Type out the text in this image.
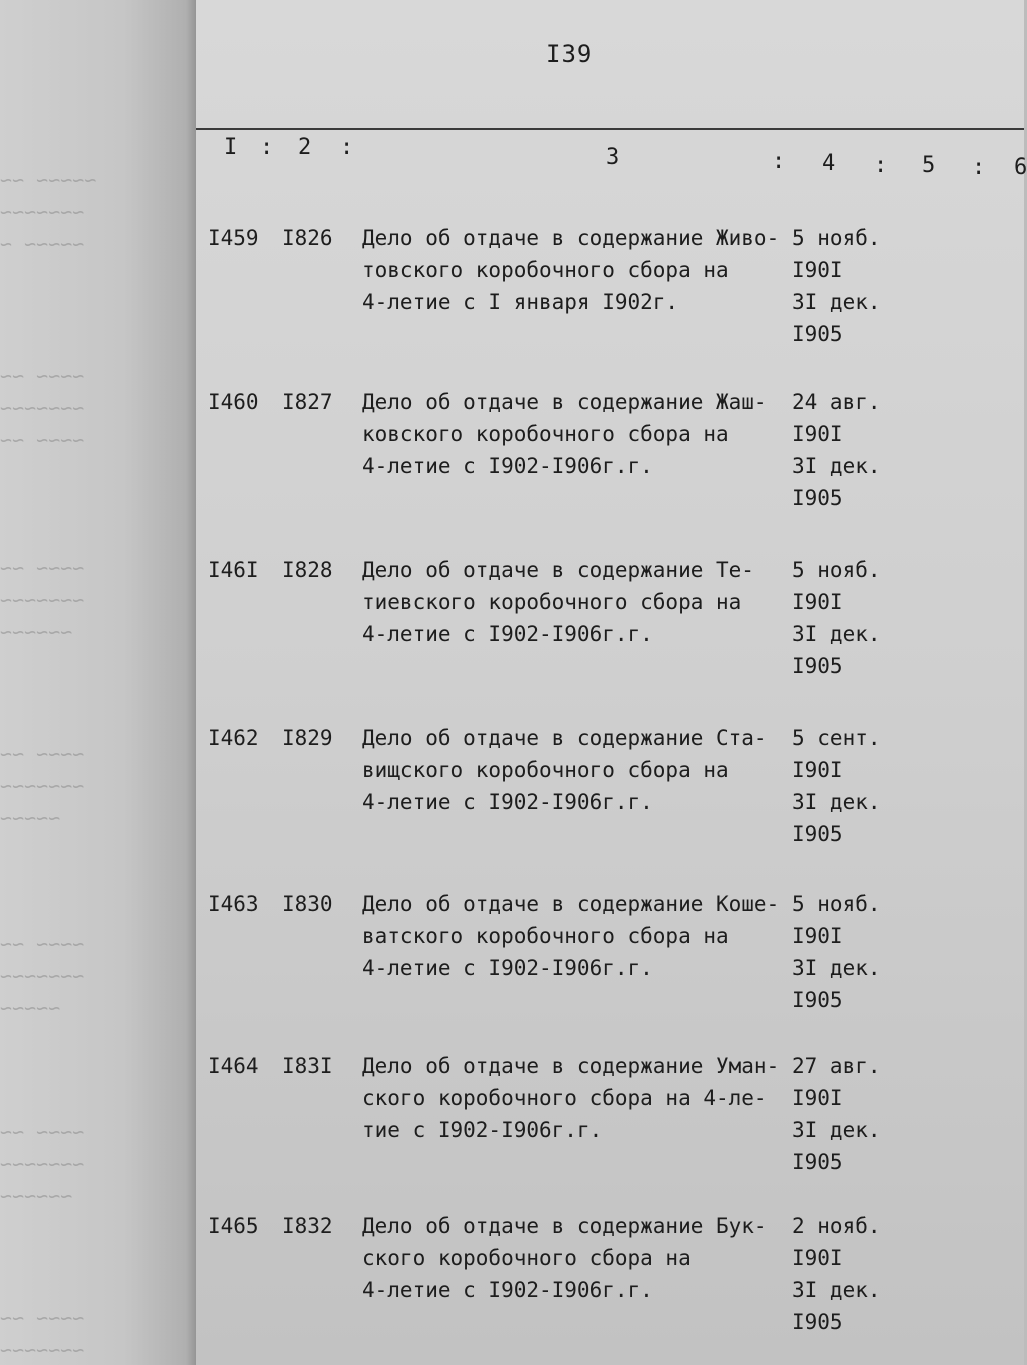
~~~~~ ~~
~~~~~~~
~~~~~ ~
~~~~ ~~
~~~~~~~
~~~~ ~~
~~~~ ~~
~~~~~~~
~~~~~~
~~~~ ~~
~~~~~~~
~~~~~
~~~~ ~~
~~~~~~~
~~~~~
~~~~ ~~
~~~~~~~
~~~~~~
~~~~ ~~
~~~~~~~
I39
I : 2 :	3	: 4 : 5 : 6
I459 I826 Дело об отдаче в содержание Живо-
товского коробочного сбора на
4-летие с I января I902г.
5 нояб.
I90I
3I дек.
I905
I460 I827 Дело об отдаче в содержание Жаш-
ковского коробочного сбора на
4-летие с I902-I906г.г.
24 авг.
I90I
3I дек.
I905
I46I I828 Дело об отдаче в содержание Те-
тиевского коробочного сбора на
4-летие с I902-I906г.г.
5 нояб.
I90I
3I дек.
I905
I462 I829 Дело об отдаче в содержание Ста-
вищского коробочного сбора на
4-летие с I902-I906г.г.
5 сент.
I90I
3I дек.
I905
I463 I830 Дело об отдаче в содержание Коше-
ватского коробочного сбора на
4-летие с I902-I906г.г.
5 нояб.
I90I
3I дек.
I905
I464 I83I Дело об отдаче в содержание Уман-
ского коробочного сбора на 4-ле-
тие с I902-I906г.г.
27 авг.
I90I
3I дек.
I905
I465 I832 Дело об отдаче в содержание Бук-
ского коробочного сбора на
4-летие с I902-I906г.г.
2 нояб.
I90I
3I дек.
I905
